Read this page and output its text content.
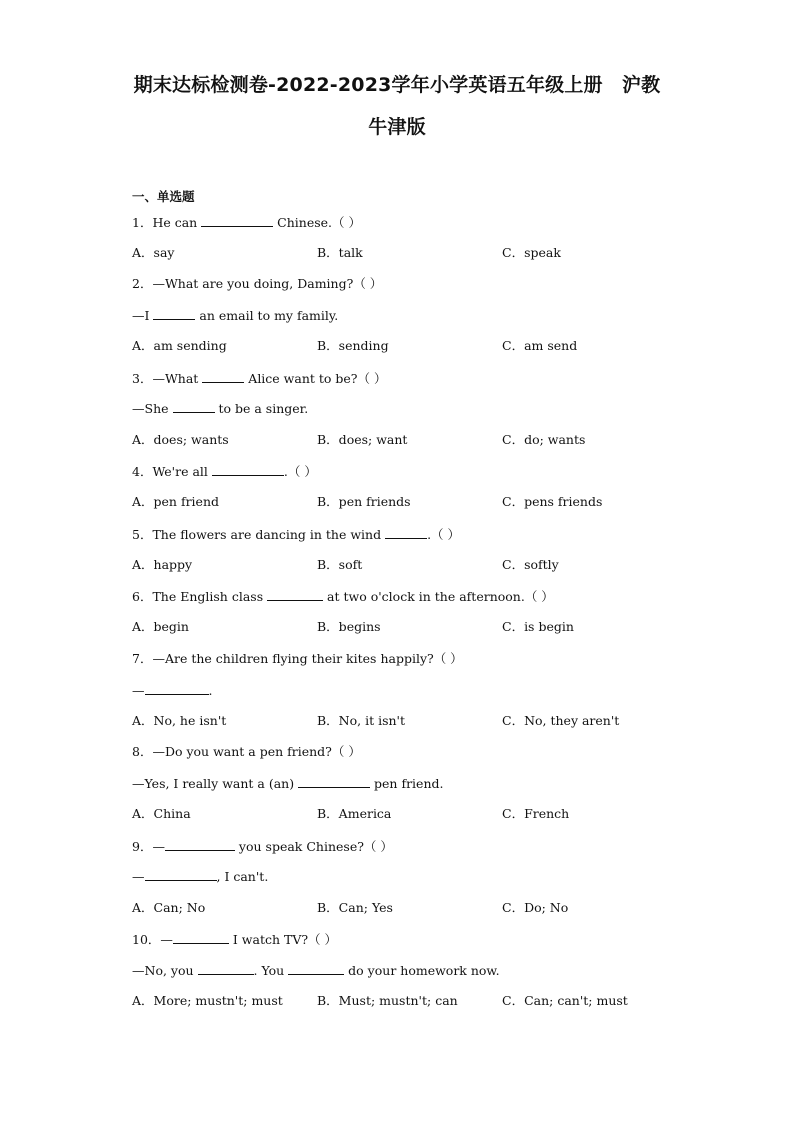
期末达标检测卷-2022-2023学年小学英语五年级上册　沪教
牛津版
一、单选题
1．He can	Chinese.（ ）
A．say	B．talk	C．speak
2．—What are you doing, Daming?（ ）
—I	an email to my family.
A．am sending	B．sending	C．am send
3．—What	Alice want to be?（ ）
—She	to be a singer.
A．does; wants	B．does; want	C．do; wants
4．We're all	.（ ）
A．pen friend	B．pen friends	C．pens friends
5．The flowers are dancing in the wind	.（ ）
A．happy	B．soft	C．softly
6．The English class	at two o'clock in the afternoon.（ ）
A．begin	B．begins	C．is begin
7．—Are the children flying their kites happily?（ ）
—	.
A．No, he isn't	B．No, it isn't	C．No, they aren't
8．—Do you want a pen friend?（ ）
—Yes, I really want a (an)	pen friend.
A．China	B．America	C．French
9．—	you speak Chinese?（ ）
—	, I can't.
A．Can; No	B．Can; Yes	C．Do; No
10．—	I watch TV?（ ）
—No, you	. You	do your homework now.
A．More; mustn't; must	B．Must; mustn't; can	C．Can; can't; must
